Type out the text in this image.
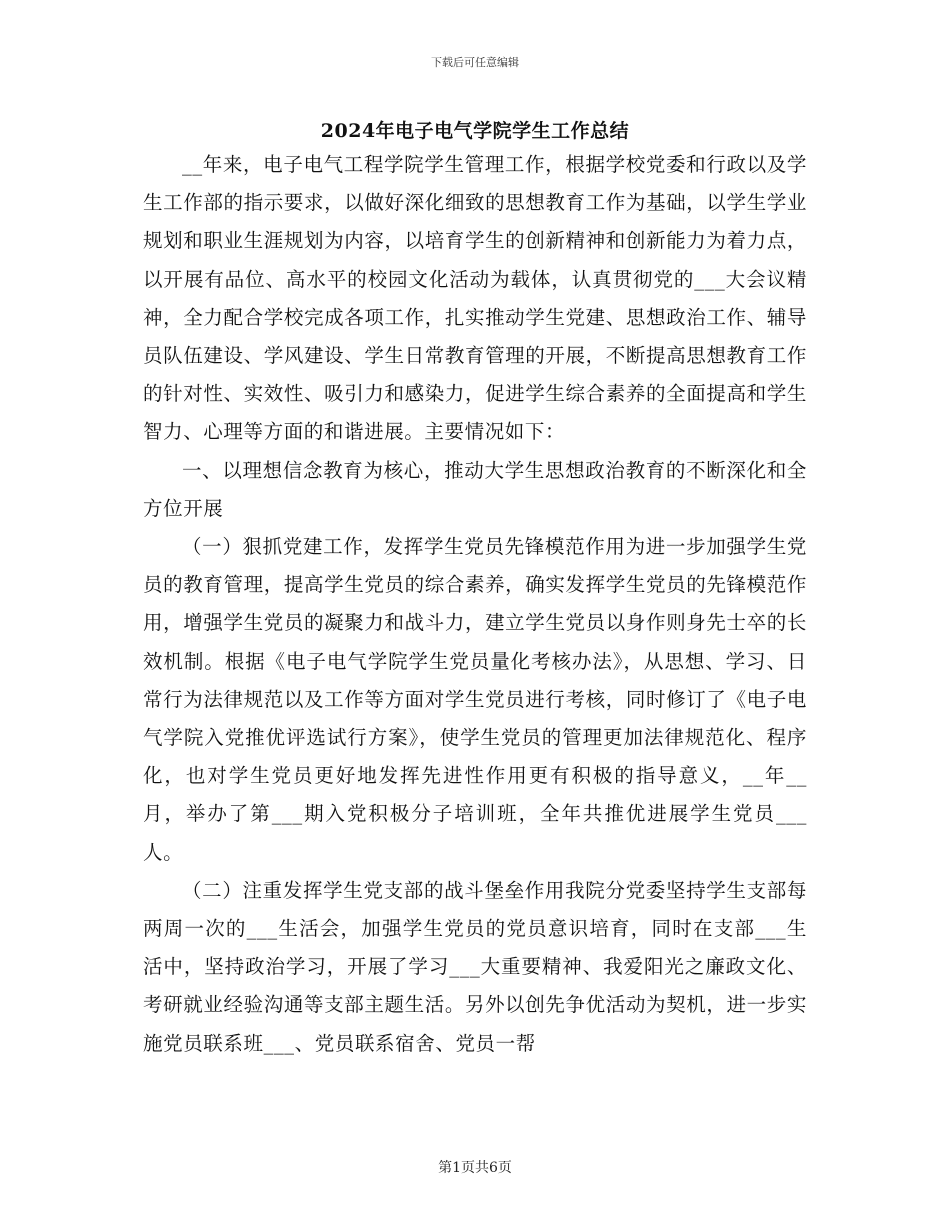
下载后可任意编辑
2024年电子电气学院学生工作总结

__年来，电子电气工程学院学生管理工作，根据学校党委和行政以及学生工作部的指示要求，以做好深化细致的思想教育工作为基础，以学生学业规划和职业生涯规划为内容，以培育学生的创新精神和创新能力为着力点，以开展有品位、高水平的校园文化活动为载体，认真贯彻党的___大会议精神，全力配合学校完成各项工作，扎实推动学生党建、思想政治工作、辅导员队伍建设、学风建设、学生日常教育管理的开展，不断提高思想教育工作的针对性、实效性、吸引力和感染力，促进学生综合素养的全面提高和学生智力、心理等方面的和谐进展。主要情况如下：

一、以理想信念教育为核心，推动大学生思想政治教育的不断深化和全方位开展

（一）狠抓党建工作，发挥学生党员先锋模范作用为进一步加强学生党员的教育管理，提高学生党员的综合素养，确实发挥学生党员的先锋模范作用，增强学生党员的凝聚力和战斗力，建立学生党员以身作则身先士卒的长效机制。根据《电子电气学院学生党员量化考核办法》，从思想、学习、日常行为法律规范以及工作等方面对学生党员进行考核，同时修订了《电子电气学院入党推优评选试行方案》，使学生党员的管理更加法律规范化、程序化，也对学生党员更好地发挥先进性作用更有积极的指导意义，__年__月，举办了第___期入党积极分子培训班，全年共推优进展学生党员___人。

（二）注重发挥学生党支部的战斗堡垒作用我院分党委坚持学生支部每两周一次的___生活会，加强学生党员的党员意识培育，同时在支部___生活中，坚持政治学习，开展了学习___大重要精神、我爱阳光之廉政文化、考研就业经验沟通等支部主题生活。另外以创先争优活动为契机，进一步实施党员联系班___、党员联系宿舍、党员一帮

第1页共6页
